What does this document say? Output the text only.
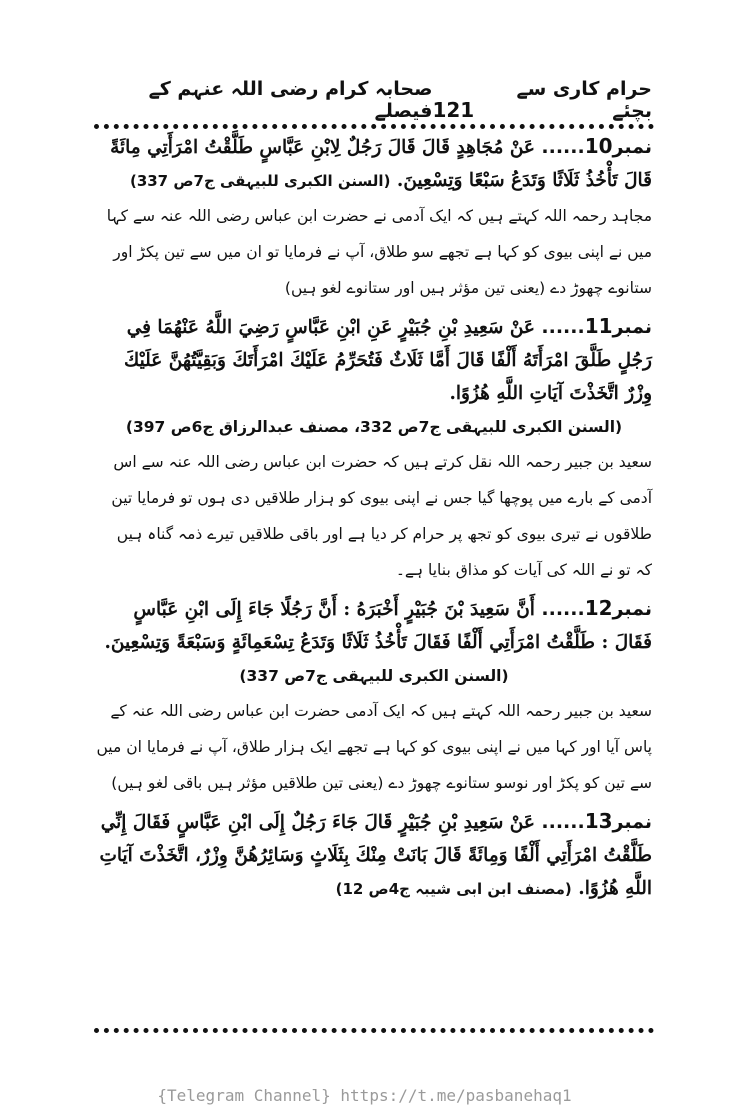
حرام کاری سے بچئے
121
صحابہ کرام رضی اللہ عنہم کے فیصلے

نمبر10...... عَنْ مُجَاهِدٍ قَالَ قَالَ رَجُلٌ لِابْنِ عَبَّاسٍ طَلَّقْتُ امْرَأَتِي مِائَةً قَالَ تَأْخُذُ ثَلَاثًا وَتَدَعُ سَبْعًا وَتِسْعِينَ. (السنن الکبری للبیہقی ج7ص 337)

مجاہد رحمہ اللہ کہتے ہیں کہ ایک آدمی نے حضرت ابن عباس رضی اللہ عنہ سے کہا میں نے اپنی بیوی کو کہا ہے تجھے سو طلاق، آپ نے فرمایا تو ان میں سے تین پکڑ اور ستانوے چھوڑ دے (یعنی تین مؤثر ہیں اور ستانوے لغو ہیں)

نمبر11...... عَنْ سَعِيدِ بْنِ جُبَيْرٍ عَنِ ابْنِ عَبَّاسٍ رَضِيَ اللَّهُ عَنْهُمَا فِي رَجُلٍ طَلَّقَ امْرَأَتَهُ أَلْفًا قَالَ أَمَّا ثَلَاثٌ فَتُحَرِّمُ عَلَيْكَ امْرَأَتَكَ وَبَقِيَّتُهُنَّ عَلَيْكَ وِزْرٌ اتَّخَذْتَ آيَاتِ اللَّهِ هُزُوًا.

(السنن الکبری للبیہقی ج7ص 332، مصنف عبدالرزاق ج6ص 397)

سعید بن جبیر رحمہ اللہ نقل کرتے ہیں کہ حضرت ابن عباس رضی اللہ عنہ سے اس آدمی کے بارے میں پوچھا گیا جس نے اپنی بیوی کو ہزار طلاقیں دی ہوں تو فرمایا تین طلاقوں نے تیری بیوی کو تجھ پر حرام کر دیا ہے اور باقی طلاقیں تیرے ذمہ گناہ ہیں کہ تو نے اللہ کی آیات کو مذاق بنایا ہے۔

نمبر12...... أَنَّ سَعِيدَ بْنَ جُبَيْرٍ أَخْبَرَهُ : أَنَّ رَجُلًا جَاءَ إِلَى ابْنِ عَبَّاسٍ فَقَالَ : طَلَّقْتُ امْرَأَتِي أَلْفًا فَقَالَ تَأْخُذُ ثَلَاثًا وَتَدَعُ تِسْعَمِائَةٍ وَسَبْعَةً وَتِسْعِينَ.

(السنن الکبری للبیہقی ج7ص 337)

سعید بن جبیر رحمہ اللہ کہتے ہیں کہ ایک آدمی حضرت ابن عباس رضی اللہ عنہ کے پاس آیا اور کہا میں نے اپنی بیوی کو کہا ہے تجھے ایک ہزار طلاق، آپ نے فرمایا ان میں سے تین کو پکڑ اور نوسو ستانوے چھوڑ دے (یعنی تین طلاقیں مؤثر ہیں باقی لغو ہیں)

نمبر13...... عَنْ سَعِيدِ بْنِ جُبَيْرٍ قَالَ جَاءَ رَجُلٌ إِلَى ابْنِ عَبَّاسٍ فَقَالَ إِنِّي طَلَّقْتُ امْرَأَتِي أَلْفًا وَمِائَةً قَالَ بَانَتْ مِنْكَ بِثَلَاثٍ وَسَائِرُهُنَّ وِزْرٌ، اتَّخَذْتَ آيَاتِ اللَّهِ هُزُوًا. (مصنف ابن ابی شیبہ ج4ص 12)

{Telegram Channel} https://t.me/pasbanehaq1
